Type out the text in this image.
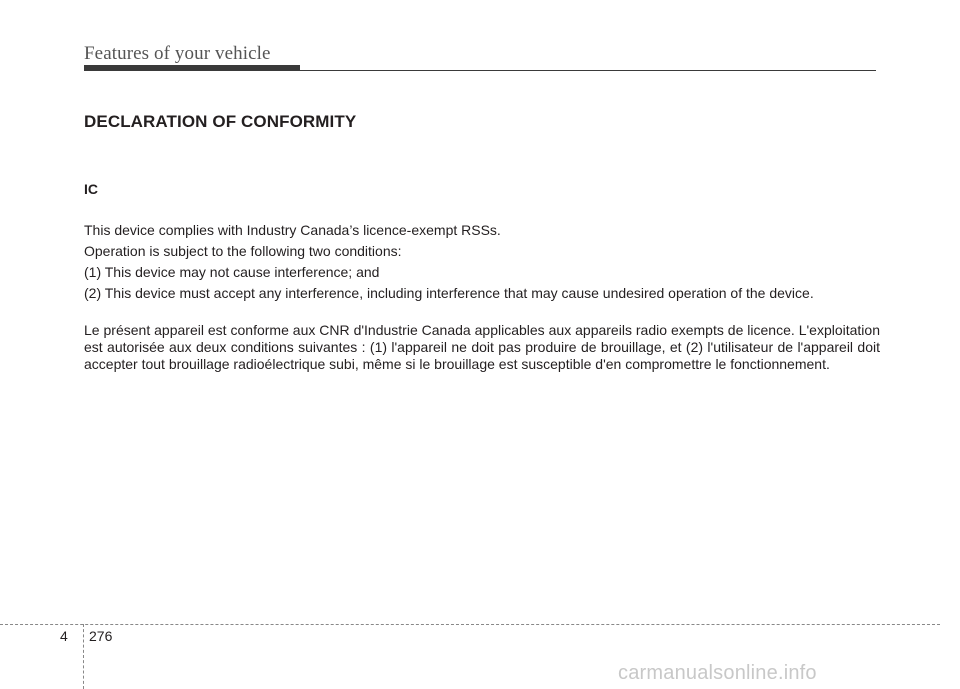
Features of your vehicle
DECLARATION OF CONFORMITY
IC

This device complies with Industry Canada’s licence-exempt RSSs.

Operation is subject to the following two conditions:

(1) This device may not cause interference; and

(2) This device must accept any interference, including interference that may cause undesired operation of the device.

Le présent appareil est conforme aux CNR d'Industrie Canada applicables aux appareils radio exempts de licence. L'exploitation est autorisée aux deux conditions suivantes : (1) l'appareil ne doit pas produire de brouillage, et (2) l'utilisateur de l'appareil doit accepter tout brouillage radioélectrique subi, même si le brouillage est susceptible d'en compromettre le fonctionnement.

4 276
carmanualsonline.info
